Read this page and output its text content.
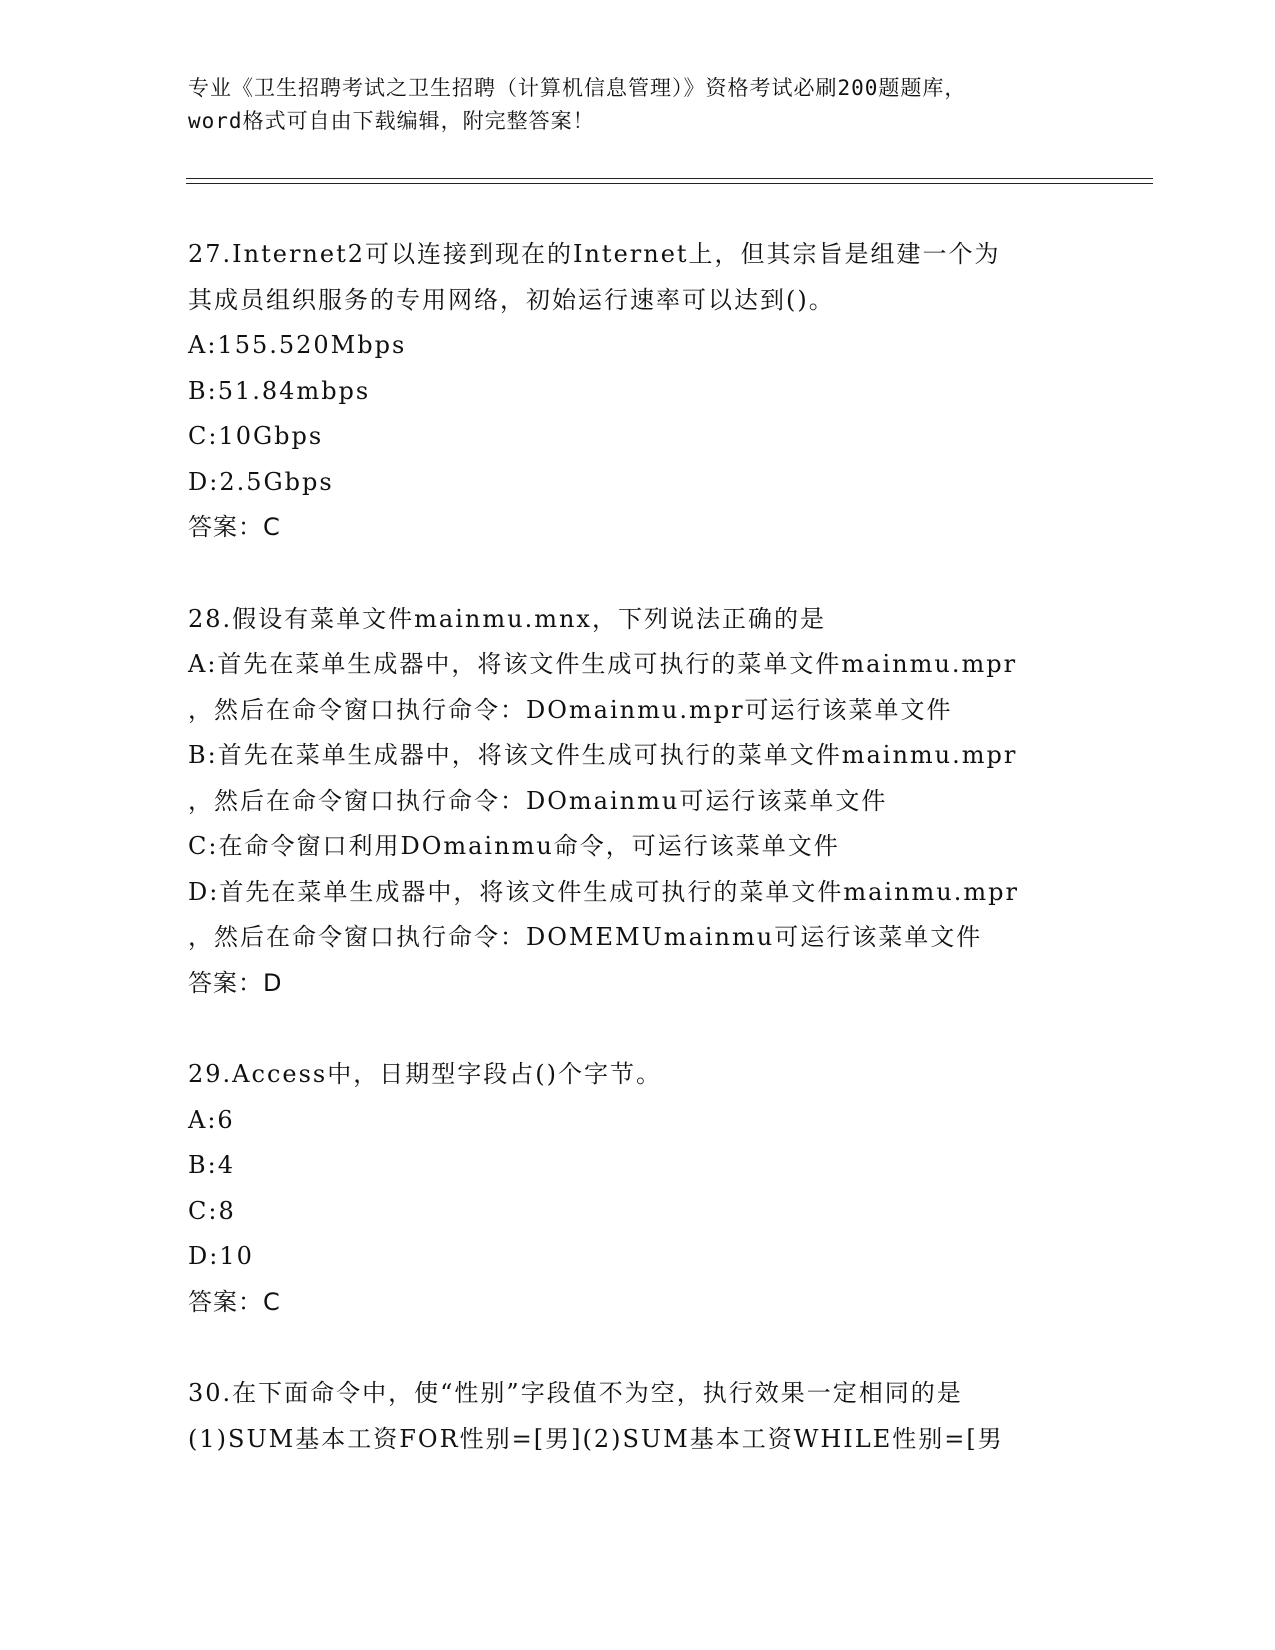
专业《卫生招聘考试之卫生招聘（计算机信息管理）》资格考试必刷200题题库，
word格式可自由下载编辑，附完整答案！
27.Internet2可以连接到现在的Internet上，但其宗旨是组建一个为
其成员组织服务的专用网络，初始运行速率可以达到()。
A:155.520Mbps
B:51.84mbps
C:10Gbps
D:2.5Gbps
答案：C
28.假设有菜单文件mainmu.mnx，下列说法正确的是
A:首先在菜单生成器中，将该文件生成可执行的菜单文件mainmu.mpr
，然后在命令窗口执行命令：DOmainmu.mpr可运行该菜单文件
B:首先在菜单生成器中，将该文件生成可执行的菜单文件mainmu.mpr
，然后在命令窗口执行命令：DOmainmu可运行该菜单文件
C:在命令窗口利用DOmainmu命令，可运行该菜单文件
D:首先在菜单生成器中，将该文件生成可执行的菜单文件mainmu.mpr
，然后在命令窗口执行命令：DOMEMUmainmu可运行该菜单文件
答案：D
29.Access中，日期型字段占()个字节。
A:6
B:4
C:8
D:10
答案：C
30.在下面命令中，使“性别”字段值不为空，执行效果一定相同的是
(1)SUM基本工资FOR性别=[男](2)SUM基本工资WHILE性别=[男
